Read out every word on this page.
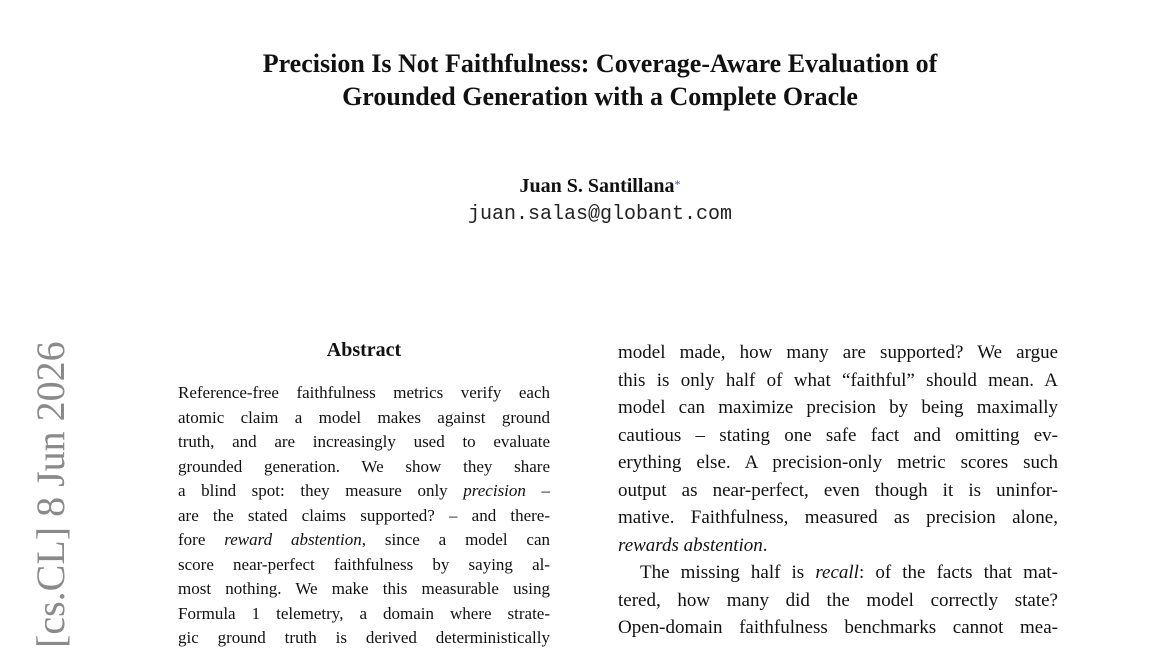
Precision Is Not Faithfulness: Coverage-Aware Evaluation of
Grounded Generation with a Complete Oracle
Juan S. Santillana*
juan.salas@globant.com
[cs.CL] 8 Jun 2026	Abstract
Reference-free faithfulness metrics verify each
atomic claim a model makes against ground
truth, and are increasingly used to evaluate
grounded generation. We show they share
a blind spot: they measure only precision –
are the stated claims supported? – and there-
fore reward abstention, since a model can
score near-perfect faithfulness by saying al-
most nothing. We make this measurable using
Formula 1 telemetry, a domain where strate-
gic ground truth is derived deterministically
model made, how many are supported? We argue
this is only half of what “faithful” should mean. A
model can maximize precision by being maximally
cautious – stating one safe fact and omitting ev-
erything else. A precision-only metric scores such
output as near-perfect, even though it is uninfor-
mative. Faithfulness, measured as precision alone,
rewards abstention.
The missing half is recall: of the facts that mat-
tered, how many did the model correctly state?
Open-domain faithfulness benchmarks cannot mea-
